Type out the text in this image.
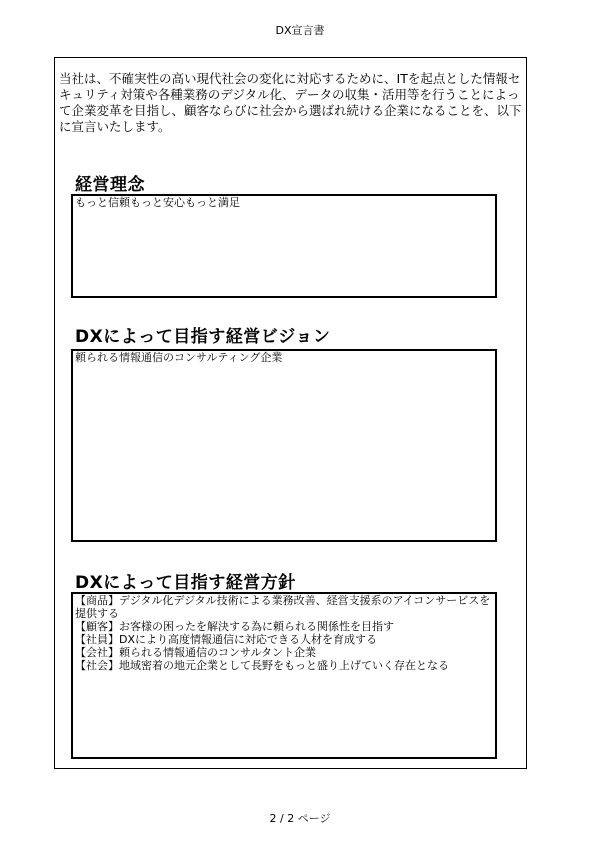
DX宣言書

当社は、不確実性の高い現代社会の変化に対応するために、ITを起点とした情報セキュリティ対策や各種業務のデジタル化、データの収集・活用等を行うことによって企業変革を目指し、顧客ならびに社会から選ばれ続ける企業になることを、以下に宣言いたします。

経営理念
もっと信頼もっと安心もっと満足
DXによって目指す経営ビジョン
頼られる情報通信のコンサルティング企業
DXによって目指す経営方針
【商品】デジタル化デジタル技術による業務改善、経営支援系のアイコンサービスを
提供する
【顧客】お客様の困ったを解決する為に頼られる関係性を目指す
【社員】DXにより高度情報通信に対応できる人材を育成する
【会社】頼られる情報通信のコンサルタント企業
【社会】地域密着の地元企業として長野をもっと盛り上げていく存在となる
2 / 2 ページ
